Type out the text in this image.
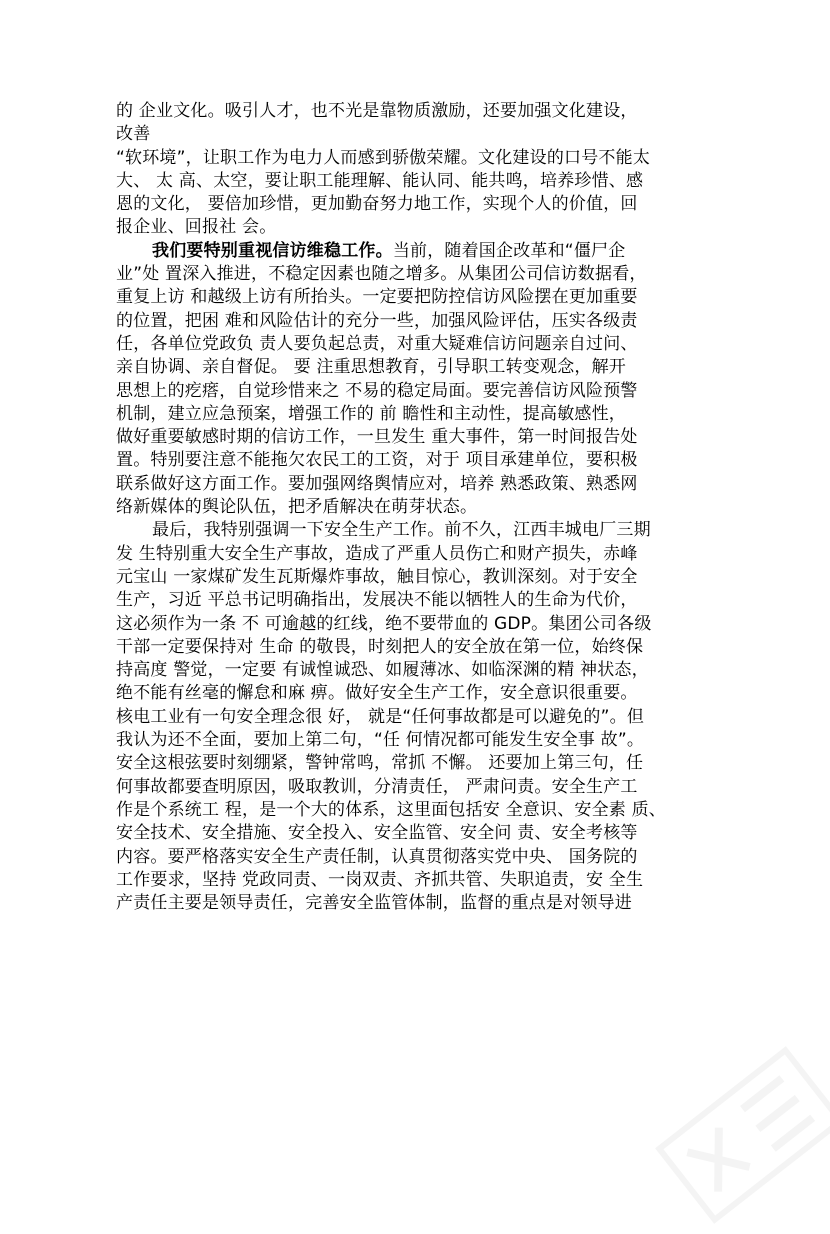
的 企业文化。吸引人才，也不光是靠物质激励，还要加强文化建设，
改善
“软环境”，让职工作为电力人而感到骄傲荣耀。文化建设的口号不能太
大、 太 高、太空，要让职工能理解、能认同、能共鸣，培养珍惜、感
恩的文化， 要倍加珍惜，更加勤奋努力地工作，实现个人的价值，回
报企业、回报社 会。
我们要特别重视信访维稳工作。当前，随着国企改革和“僵尸企
业”处 置深入推进，不稳定因素也随之增多。从集团公司信访数据看，
重复上访 和越级上访有所抬头。一定要把防控信访风险摆在更加重要
的位置，把困 难和风险估计的充分一些，加强风险评估，压实各级责
任，各单位党政负 责人要负起总责，对重大疑难信访问题亲自过问、
亲自协调、亲自督促。 要 注重思想教育，引导职工转变观念，解开
思想上的疙瘩，自觉珍惜来之 不易的稳定局面。要完善信访风险预警
机制，建立应急预案，增强工作的 前 瞻性和主动性，提高敏感性，
做好重要敏感时期的信访工作，一旦发生 重大事件，第一时间报告处
置。特别要注意不能拖欠农民工的工资，对于 项目承建单位，要积极
联系做好这方面工作。要加强网络舆情应对，培养 熟悉政策、熟悉网
络新媒体的舆论队伍，把矛盾解决在萌芽状态。
最后，我特别强调一下安全生产工作。前不久，江西丰城电厂三期
发 生特别重大安全生产事故，造成了严重人员伤亡和财产损失，赤峰
元宝山 一家煤矿发生瓦斯爆炸事故，触目惊心，教训深刻。对于安全
生产，习近 平总书记明确指出，发展决不能以牺牲人的生命为代价，
这必须作为一条 不 可逾越的红线，绝不要带血的 GDP。集团公司各级
干部一定要保持对 生命 的敬畏，时刻把人的安全放在第一位，始终保
持高度 警觉，一定要 有诚惶诚恐、如履薄冰、如临深渊的精 神状态，
绝不能有丝毫的懈怠和麻 痹。做好安全生产工作，安全意识很重要。
核电工业有一句安全理念很 好， 就是“任何事故都是可以避免的”。但
我认为还不全面，要加上第二句，“任 何情况都可能发生安全事 故”。
安全这根弦要时刻绷紧，警钟常鸣，常抓 不懈。 还要加上第三句，任
何事故都要查明原因，吸取教训，分清责任， 严肃问责。安全生产工
作是个系统工 程，是一个大的体系，这里面包括安 全意识、安全素 质、
安全技术、安全措施、安全投入、安全监管、安全问 责、安全考核等
内容。要严格落实安全生产责任制，认真贯彻落实党中央、 国务院的
工作要求，坚持 党政同责、一岗双责、齐抓共管、失职追责，安 全生
产责任主要是领导责任，完善安全监管体制，监督的重点是对领导进
